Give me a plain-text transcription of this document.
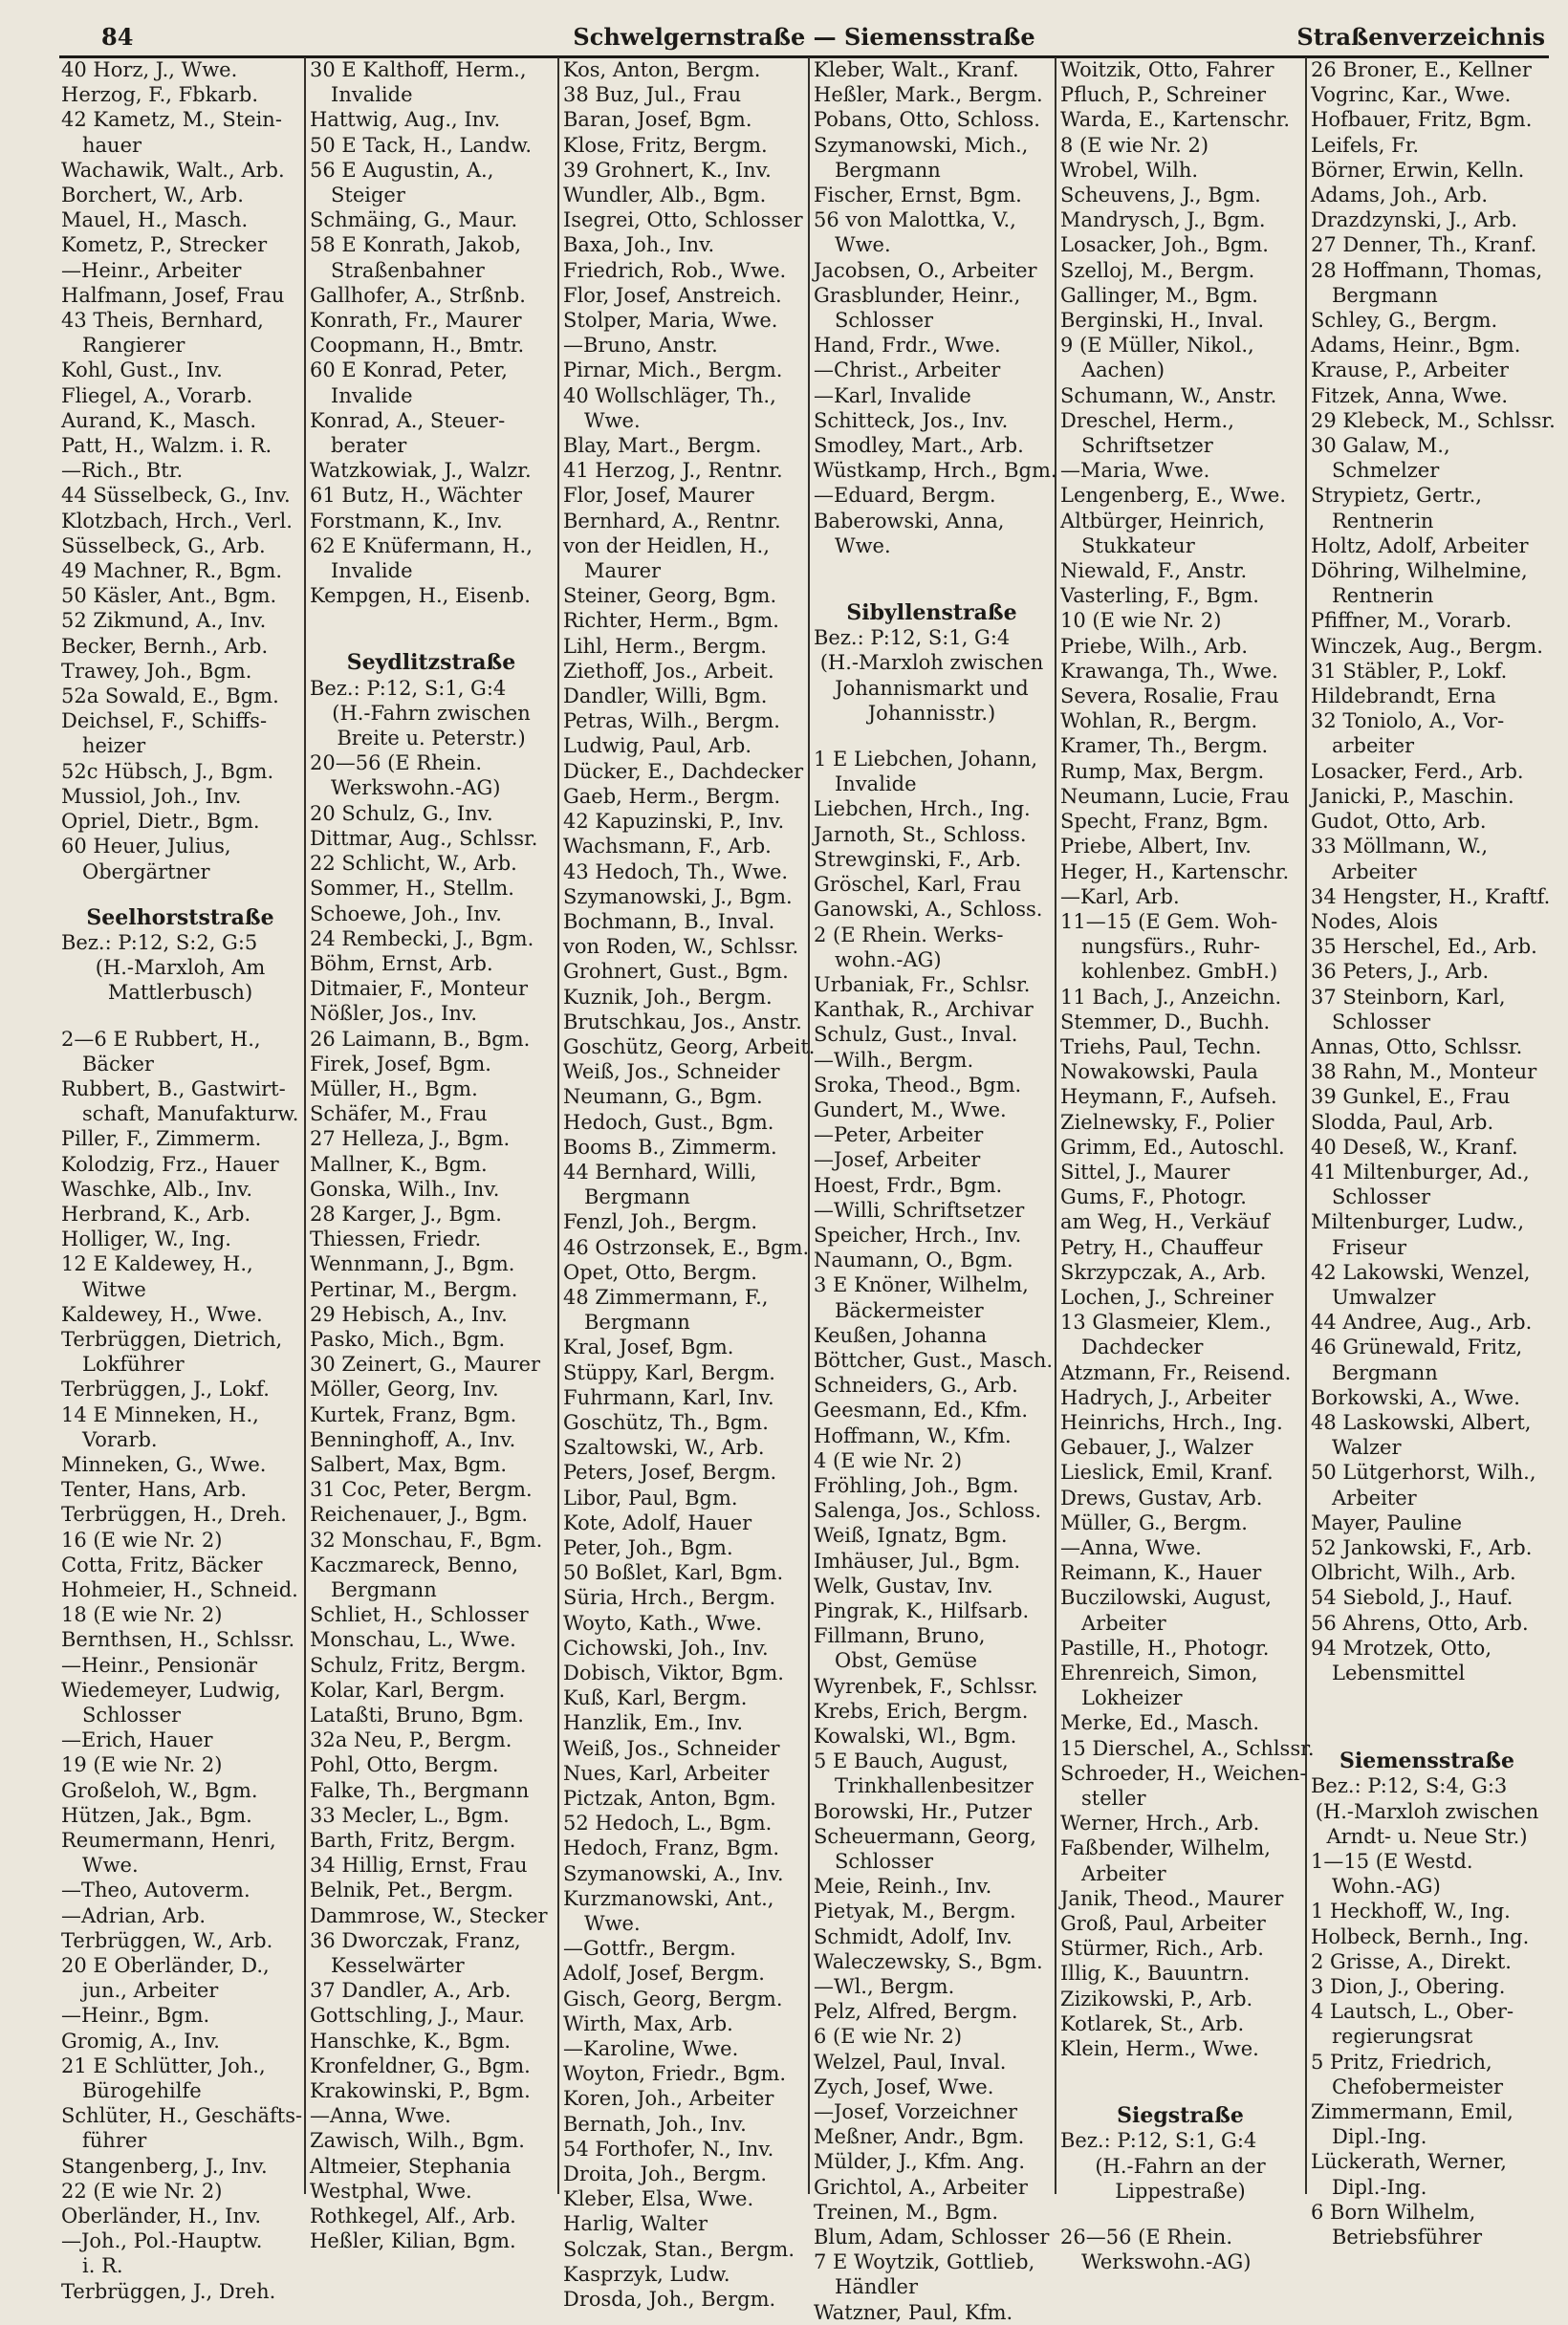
84	Schwelgernstraße — Siemensstraße	Straßenverzeichnis
40 Horz, J., Wwe.
Herzog, F., Fbkarb.
42 Kametz, M., Stein-
hauer
Wachawik, Walt., Arb.
Borchert, W., Arb.
Mauel, H., Masch.
Kometz, P., Strecker
—Heinr., Arbeiter
Halfmann, Josef, Frau
43 Theis, Bernhard,
Rangierer
Kohl, Gust., Inv.
Fliegel, A., Vorarb.
Aurand, K., Masch.
Patt, H., Walzm. i. R.
—Rich., Btr.
44 Süsselbeck, G., Inv.
Klotzbach, Hrch., Verl.
Süsselbeck, G., Arb.
49 Machner, R., Bgm.
50 Käsler, Ant., Bgm.
52 Zikmund, A., Inv.
Becker, Bernh., Arb.
Trawey, Joh., Bgm.
52a Sowald, E., Bgm.
Deichsel, F., Schiffs-
heizer
52c Hübsch, J., Bgm.
Mussiol, Joh., Inv.
Opriel, Dietr., Bgm.
60 Heuer, Julius,
Obergärtner
Seelhorststraße
Bez.: P:12, S:2, G:5
(H.-Marxloh, Am
Mattlerbusch)
2—6 E Rubbert, H.,
Bäcker
Rubbert, B., Gastwirt-
schaft, Manufakturw.
Piller, F., Zimmerm.
Kolodzig, Frz., Hauer
Waschke, Alb., Inv.
Herbrand, K., Arb.
Holliger, W., Ing.
12 E Kaldewey, H.,
Witwe
Kaldewey, H., Wwe.
Terbrüggen, Dietrich,
Lokführer
Terbrüggen, J., Lokf.
14 E Minneken, H.,
Vorarb.
Minneken, G., Wwe.
Tenter, Hans, Arb.
Terbrüggen, H., Dreh.
16 (E wie Nr. 2)
Cotta, Fritz, Bäcker
Hohmeier, H., Schneid.
18 (E wie Nr. 2)
Bernthsen, H., Schlssr.
—Heinr., Pensionär
Wiedemeyer, Ludwig,
Schlosser
—Erich, Hauer
19 (E wie Nr. 2)
Großeloh, W., Bgm.
Hützen, Jak., Bgm.
Reumermann, Henri,
Wwe.
—Theo, Autoverm.
—Adrian, Arb.
Terbrüggen, W., Arb.
20 E Oberländer, D.,
jun., Arbeiter
—Heinr., Bgm.
Gromig, A., Inv.
21 E Schlütter, Joh.,
Bürogehilfe
Schlüter, H., Geschäfts-
führer
Stangenberg, J., Inv.
22 (E wie Nr. 2)
Oberländer, H., Inv.
—Joh., Pol.-Hauptw.
i. R.
Terbrüggen, J., Dreh.
30 E Kalthoff, Herm.,
Invalide
Hattwig, Aug., Inv.
50 E Tack, H., Landw.
56 E Augustin, A.,
Steiger
Schmäing, G., Maur.
58 E Konrath, Jakob,
Straßenbahner
Gallhofer, A., Strßnb.
Konrath, Fr., Maurer
Coopmann, H., Bmtr.
60 E Konrad, Peter,
Invalide
Konrad, A., Steuer-
berater
Watzkowiak, J., Walzr.
61 Butz, H., Wächter
Forstmann, K., Inv.
62 E Knüfermann, H.,
Invalide
Kempgen, H., Eisenb.
Seydlitzstraße
Bez.: P:12, S:1, G:4
(H.-Fahrn zwischen
Breite u. Peterstr.)
20—56 (E Rhein.
Werkswohn.-AG)
20 Schulz, G., Inv.
Dittmar, Aug., Schlssr.
22 Schlicht, W., Arb.
Sommer, H., Stellm.
Schoewe, Joh., Inv.
24 Rembecki, J., Bgm.
Böhm, Ernst, Arb.
Ditmaier, F., Monteur
Nößler, Jos., Inv.
26 Laimann, B., Bgm.
Firek, Josef, Bgm.
Müller, H., Bgm.
Schäfer, M., Frau
27 Helleza, J., Bgm.
Mallner, K., Bgm.
Gonska, Wilh., Inv.
28 Karger, J., Bgm.
Thiessen, Friedr.
Wennmann, J., Bgm.
Pertinar, M., Bergm.
29 Hebisch, A., Inv.
Pasko, Mich., Bgm.
30 Zeinert, G., Maurer
Möller, Georg, Inv.
Kurtek, Franz, Bgm.
Benninghoff, A., Inv.
Salbert, Max, Bgm.
31 Coc, Peter, Bergm.
Reichenauer, J., Bgm.
32 Monschau, F., Bgm.
Kaczmareck, Benno,
Bergmann
Schliet, H., Schlosser
Monschau, L., Wwe.
Schulz, Fritz, Bergm.
Kolar, Karl, Bergm.
Lataßti, Bruno, Bgm.
32a Neu, P., Bergm.
Pohl, Otto, Bergm.
Falke, Th., Bergmann
33 Mecler, L., Bgm.
Barth, Fritz, Bergm.
34 Hillig, Ernst, Frau
Belnik, Pet., Bergm.
Dammrose, W., Stecker
36 Dworczak, Franz,
Kesselwärter
37 Dandler, A., Arb.
Gottschling, J., Maur.
Hanschke, K., Bgm.
Kronfeldner, G., Bgm.
Krakowinski, P., Bgm.
—Anna, Wwe.
Zawisch, Wilh., Bgm.
Altmeier, Stephania
Westphal, Wwe.
Rothkegel, Alf., Arb.
Heßler, Kilian, Bgm.
Kos, Anton, Bergm.
38 Buz, Jul., Frau
Baran, Josef, Bgm.
Klose, Fritz, Bergm.
39 Grohnert, K., Inv.
Wundler, Alb., Bgm.
Isegrei, Otto, Schlosser
Baxa, Joh., Inv.
Friedrich, Rob., Wwe.
Flor, Josef, Anstreich.
Stolper, Maria, Wwe.
—Bruno, Anstr.
Pirnar, Mich., Bergm.
40 Wollschläger, Th.,
Wwe.
Blay, Mart., Bergm.
41 Herzog, J., Rentnr.
Flor, Josef, Maurer
Bernhard, A., Rentnr.
von der Heidlen, H.,
Maurer
Steiner, Georg, Bgm.
Richter, Herm., Bgm.
Lihl, Herm., Bergm.
Ziethoff, Jos., Arbeit.
Dandler, Willi, Bgm.
Petras, Wilh., Bergm.
Ludwig, Paul, Arb.
Dücker, E., Dachdecker
Gaeb, Herm., Bergm.
42 Kapuzinski, P., Inv.
Wachsmann, F., Arb.
43 Hedoch, Th., Wwe.
Szymanowski, J., Bgm.
Bochmann, B., Inval.
von Roden, W., Schlssr.
Grohnert, Gust., Bgm.
Kuznik, Joh., Bergm.
Brutschkau, Jos., Anstr.
Goschütz, Georg, Arbeit.
Weiß, Jos., Schneider
Neumann, G., Bgm.
Hedoch, Gust., Bgm.
Booms B., Zimmerm.
44 Bernhard, Willi,
Bergmann
Fenzl, Joh., Bergm.
46 Ostrzonsek, E., Bgm.
Opet, Otto, Bergm.
48 Zimmermann, F.,
Bergmann
Kral, Josef, Bgm.
Stüppy, Karl, Bergm.
Fuhrmann, Karl, Inv.
Goschütz, Th., Bgm.
Szaltowski, W., Arb.
Peters, Josef, Bergm.
Libor, Paul, Bgm.
Kote, Adolf, Hauer
Peter, Joh., Bgm.
50 Boßlet, Karl, Bgm.
Süria, Hrch., Bergm.
Woyto, Kath., Wwe.
Cichowski, Joh., Inv.
Dobisch, Viktor, Bgm.
Kuß, Karl, Bergm.
Hanzlik, Em., Inv.
Weiß, Jos., Schneider
Nues, Karl, Arbeiter
Pictzak, Anton, Bgm.
52 Hedoch, L., Bgm.
Hedoch, Franz, Bgm.
Szymanowski, A., Inv.
Kurzmanowski, Ant.,
Wwe.
—Gottfr., Bergm.
Adolf, Josef, Bergm.
Gisch, Georg, Bergm.
Wirth, Max, Arb.
—Karoline, Wwe.
Woyton, Friedr., Bgm.
Koren, Joh., Arbeiter
Bernath, Joh., Inv.
54 Forthofer, N., Inv.
Droita, Joh., Bergm.
Kleber, Elsa, Wwe.
Harlig, Walter
Solczak, Stan., Bergm.
Kasprzyk, Ludw.
Drosda, Joh., Bergm.
Kleber, Walt., Kranf.
Heßler, Mark., Bergm.
Pobans, Otto, Schloss.
Szymanowski, Mich.,
Bergmann
Fischer, Ernst, Bgm.
56 von Malottka, V.,
Wwe.
Jacobsen, O., Arbeiter
Grasblunder, Heinr.,
Schlosser
Hand, Frdr., Wwe.
—Christ., Arbeiter
—Karl, Invalide
Schitteck, Jos., Inv.
Smodley, Mart., Arb.
Wüstkamp, Hrch., Bgm.
—Eduard, Bergm.
Baberowski, Anna,
Wwe.
Sibyllenstraße
Bez.: P:12, S:1, G:4
(H.-Marxloh zwischen
Johannismarkt und
Johannisstr.)
1 E Liebchen, Johann,
Invalide
Liebchen, Hrch., Ing.
Jarnoth, St., Schloss.
Strewginski, F., Arb.
Gröschel, Karl, Frau
Ganowski, A., Schloss.
2 (E Rhein. Werks-
wohn.-AG)
Urbaniak, Fr., Schlsr.
Kanthak, R., Archivar
Schulz, Gust., Inval.
—Wilh., Bergm.
Sroka, Theod., Bgm.
Gundert, M., Wwe.
—Peter, Arbeiter
—Josef, Arbeiter
Hoest, Frdr., Bgm.
—Willi, Schriftsetzer
Speicher, Hrch., Inv.
Naumann, O., Bgm.
3 E Knöner, Wilhelm,
Bäckermeister
Keußen, Johanna
Böttcher, Gust., Masch.
Schneiders, G., Arb.
Geesmann, Ed., Kfm.
Hoffmann, W., Kfm.
4 (E wie Nr. 2)
Fröhling, Joh., Bgm.
Salenga, Jos., Schloss.
Weiß, Ignatz, Bgm.
Imhäuser, Jul., Bgm.
Welk, Gustav, Inv.
Pingrak, K., Hilfsarb.
Fillmann, Bruno,
Obst, Gemüse
Wyrenbek, F., Schlssr.
Krebs, Erich, Bergm.
Kowalski, Wl., Bgm.
5 E Bauch, August,
Trinkhallenbesitzer
Borowski, Hr., Putzer
Scheuermann, Georg,
Schlosser
Meie, Reinh., Inv.
Pietyak, M., Bergm.
Schmidt, Adolf, Inv.
Waleczewsky, S., Bgm.
—Wl., Bergm.
Pelz, Alfred, Bergm.
6 (E wie Nr. 2)
Welzel, Paul, Inval.
Zych, Josef, Wwe.
—Josef, Vorzeichner
Meßner, Andr., Bgm.
Mülder, J., Kfm. Ang.
Grichtol, A., Arbeiter
Treinen, M., Bgm.
Blum, Adam, Schlosser
7 E Woytzik, Gottlieb,
Händler
Watzner, Paul, Kfm.
Woitzik, Otto, Fahrer
Pfluch, P., Schreiner
Warda, E., Kartenschr.
8 (E wie Nr. 2)
Wrobel, Wilh.
Scheuvens, J., Bgm.
Mandrysch, J., Bgm.
Losacker, Joh., Bgm.
Szelloj, M., Bergm.
Gallinger, M., Bgm.
Berginski, H., Inval.
9 (E Müller, Nikol.,
Aachen)
Schumann, W., Anstr.
Dreschel, Herm.,
Schriftsetzer
—Maria, Wwe.
Lengenberg, E., Wwe.
Altbürger, Heinrich,
Stukkateur
Niewald, F., Anstr.
Vasterling, F., Bgm.
10 (E wie Nr. 2)
Priebe, Wilh., Arb.
Krawanga, Th., Wwe.
Severa, Rosalie, Frau
Wohlan, R., Bergm.
Kramer, Th., Bergm.
Rump, Max, Bergm.
Neumann, Lucie, Frau
Specht, Franz, Bgm.
Priebe, Albert, Inv.
Heger, H., Kartenschr.
—Karl, Arb.
11—15 (E Gem. Woh-
nungsfürs., Ruhr-
kohlenbez. GmbH.)
11 Bach, J., Anzeichn.
Stemmer, D., Buchh.
Triehs, Paul, Techn.
Nowakowski, Paula
Heymann, F., Aufseh.
Zielnewsky, F., Polier
Grimm, Ed., Autoschl.
Sittel, J., Maurer
Gums, F., Photogr.
am Weg, H., Verkäuf
Petry, H., Chauffeur
Skrzypczak, A., Arb.
Lochen, J., Schreiner
13 Glasmeier, Klem.,
Dachdecker
Atzmann, Fr., Reisend.
Hadrych, J., Arbeiter
Heinrichs, Hrch., Ing.
Gebauer, J., Walzer
Lieslick, Emil, Kranf.
Drews, Gustav, Arb.
Müller, G., Bergm.
—Anna, Wwe.
Reimann, K., Hauer
Buczilowski, August,
Arbeiter
Pastille, H., Photogr.
Ehrenreich, Simon,
Lokheizer
Merke, Ed., Masch.
15 Dierschel, A., Schlssr.
Schroeder, H., Weichen-
steller
Werner, Hrch., Arb.
Faßbender, Wilhelm,
Arbeiter
Janik, Theod., Maurer
Groß, Paul, Arbeiter
Stürmer, Rich., Arb.
Illig, K., Bauuntrn.
Zizikowski, P., Arb.
Kotlarek, St., Arb.
Klein, Herm., Wwe.
Siegstraße
Bez.: P:12, S:1, G:4
(H.-Fahrn an der
Lippestraße)
26—56 (E Rhein.
Werkswohn.-AG)
26 Broner, E., Kellner
Vogrinc, Kar., Wwe.
Hofbauer, Fritz, Bgm.
Leifels, Fr.
Börner, Erwin, Kelln.
Adams, Joh., Arb.
Drazdzynski, J., Arb.
27 Denner, Th., Kranf.
28 Hoffmann, Thomas,
Bergmann
Schley, G., Bergm.
Adams, Heinr., Bgm.
Krause, P., Arbeiter
Fitzek, Anna, Wwe.
29 Klebeck, M., Schlssr.
30 Galaw, M.,
Schmelzer
Strypietz, Gertr.,
Rentnerin
Holtz, Adolf, Arbeiter
Döhring, Wilhelmine,
Rentnerin
Pfiffner, M., Vorarb.
Winczek, Aug., Bergm.
31 Stäbler, P., Lokf.
Hildebrandt, Erna
32 Toniolo, A., Vor-
arbeiter
Losacker, Ferd., Arb.
Janicki, P., Maschin.
Gudot, Otto, Arb.
33 Möllmann, W.,
Arbeiter
34 Hengster, H., Kraftf.
Nodes, Alois
35 Herschel, Ed., Arb.
36 Peters, J., Arb.
37 Steinborn, Karl,
Schlosser
Annas, Otto, Schlssr.
38 Rahn, M., Monteur
39 Gunkel, E., Frau
Slodda, Paul, Arb.
40 Deseß, W., Kranf.
41 Miltenburger, Ad.,
Schlosser
Miltenburger, Ludw.,
Friseur
42 Lakowski, Wenzel,
Umwalzer
44 Andree, Aug., Arb.
46 Grünewald, Fritz,
Bergmann
Borkowski, A., Wwe.
48 Laskowski, Albert,
Walzer
50 Lütgerhorst, Wilh.,
Arbeiter
Mayer, Pauline
52 Jankowski, F., Arb.
Olbricht, Wilh., Arb.
54 Siebold, J., Hauf.
56 Ahrens, Otto, Arb.
94 Mrotzek, Otto,
Lebensmittel
Siemensstraße
Bez.: P:12, S:4, G:3
(H.-Marxloh zwischen
Arndt- u. Neue Str.)
1—15 (E Westd.
Wohn.-AG)
1 Heckhoff, W., Ing.
Holbeck, Bernh., Ing.
2 Grisse, A., Direkt.
3 Dion, J., Obering.
4 Lautsch, L., Ober-
regierungsrat
5 Pritz, Friedrich,
Chefobermeister
Zimmermann, Emil,
Dipl.-Ing.
Lückerath, Werner,
Dipl.-Ing.
6 Born Wilhelm,
Betriebsführer
